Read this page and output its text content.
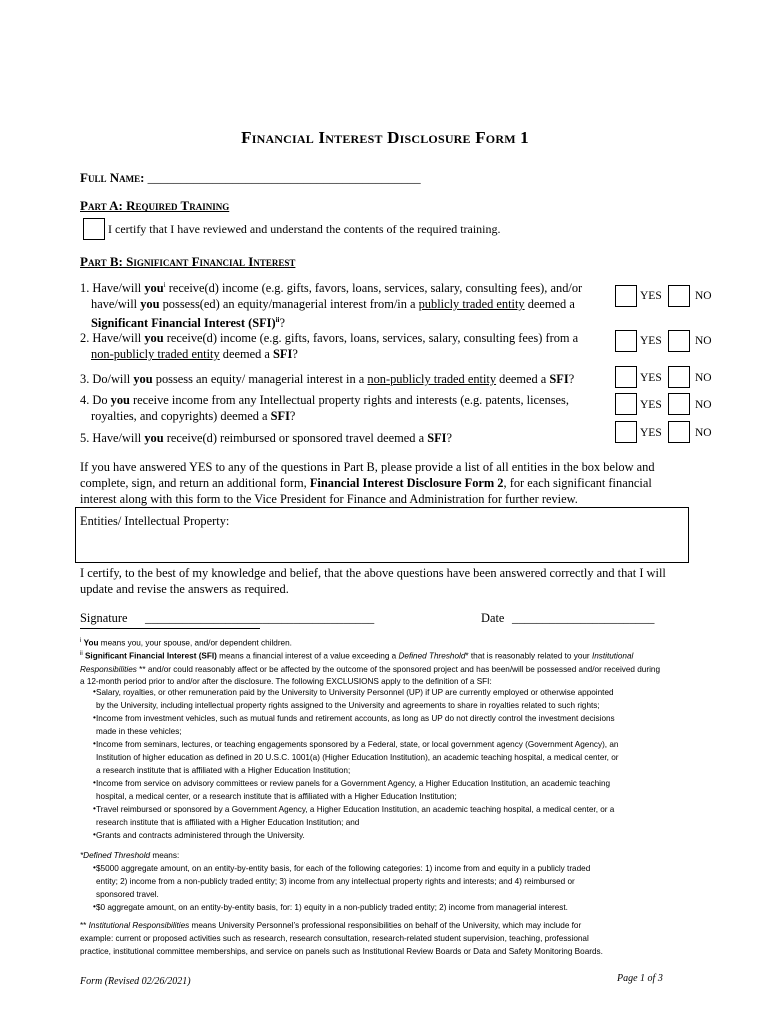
Financial Interest Disclosure Form 1
Full Name: __________________________________________
Part A: Required Training
I certify that I have reviewed and understand the contents of the required training.
Part B: Significant Financial Interest
1. Have/will you$^i$ receive(d) income (e.g. gifts, favors, loans, services, salary, consulting fees), and/or
have/will you possess(ed) an equity/managerial interest from/in a publicly traded entity deemed a
Significant Financial Interest (SFI)$^{ii}$?
YES	NO
2. Have/will you receive(d) income (e.g. gifts, favors, loans, services, salary, consulting fees) from a
non-publicly traded entity deemed a SFI?
YES	NO
3. Do/will you possess an equity/ managerial interest in a non-publicly traded entity deemed a SFI?	YES	NO
4. Do you receive income from any Intellectual property rights and interests (e.g. patents, licenses,
royalties, and copyrights) deemed a SFI?
YES	NO
5. Have/will you receive(d) reimbursed or sponsored travel deemed a SFI?	YES	NO
If you have answered YES to any of the questions in Part B, please provide a list of all entities in the box below and
complete, sign, and return an additional form, Financial Interest Disclosure Form 2, for each significant financial
interest along with this form to the Vice President for Finance and Administration for further review.
Entities/ Intellectual Property:
I certify, to the best of my knowledge and belief, that the above questions have been answered correctly and that I will
update and revise the answers as required.
Signature _____________________________________	Date _______________________
$^i$ You means you, your spouse, and/or dependent children.
$^{ii}$ Significant Financial Interest (SFI) means a financial interest of a value exceeding a Defined Threshold* that is reasonably related to your Institutional
Responsibilities ** and/or could reasonably affect or be affected by the outcome of the sponsored project and has been/will be possessed and/or received during
a 12-month period prior to and/or after the disclosure. The following EXCLUSIONS apply to the definition of a SFI:
• Salary, royalties, or other remuneration paid by the University to University Personnel (UP) if UP are currently employed or otherwise appointed
by the University, including intellectual property rights assigned to the University and agreements to share in royalties related to such rights;
• Income from investment vehicles, such as mutual funds and retirement accounts, as long as UP do not directly control the investment decisions
made in these vehicles;
• Income from seminars, lectures, or teaching engagements sponsored by a Federal, state, or local government agency (Government Agency), an
Institution of higher education as defined in 20 U.S.C. 1001(a) (Higher Education Institution), an academic teaching hospital, a medical center, or
a research institute that is affiliated with a Higher Education Institution;
• Income from service on advisory committees or review panels for a Government Agency, a Higher Education Institution, an academic teaching
hospital, a medical center, or a research institute that is affiliated with a Higher Education Institution;
• Travel reimbursed or sponsored by a Government Agency, a Higher Education Institution, an academic teaching hospital, a medical center, or a
research institute that is affiliated with a Higher Education Institution; and
• Grants and contracts administered through the University.
*Defined Threshold means:
• $5000 aggregate amount, on an entity-by-entity basis, for each of the following categories: 1) income from and equity in a publicly traded
entity; 2) income from a non-publicly traded entity; 3) income from any intellectual property rights and interests; and 4) reimbursed or
sponsored travel.
• $0 aggregate amount, on an entity-by-entity basis, for: 1) equity in a non-publicly traded entity; 2) income from managerial interest.
** Institutional Responsibilities means University Personnel’s professional responsibilities on behalf of the University, which may include for
example: current or proposed activities such as research, research consultation, research-related student supervision, teaching, professional
practice, institutional committee memberships, and service on panels such as Institutional Review Boards or Data and Safety Monitoring Boards.
Form (Revised 02/26/2021)	Page 1 of 3
